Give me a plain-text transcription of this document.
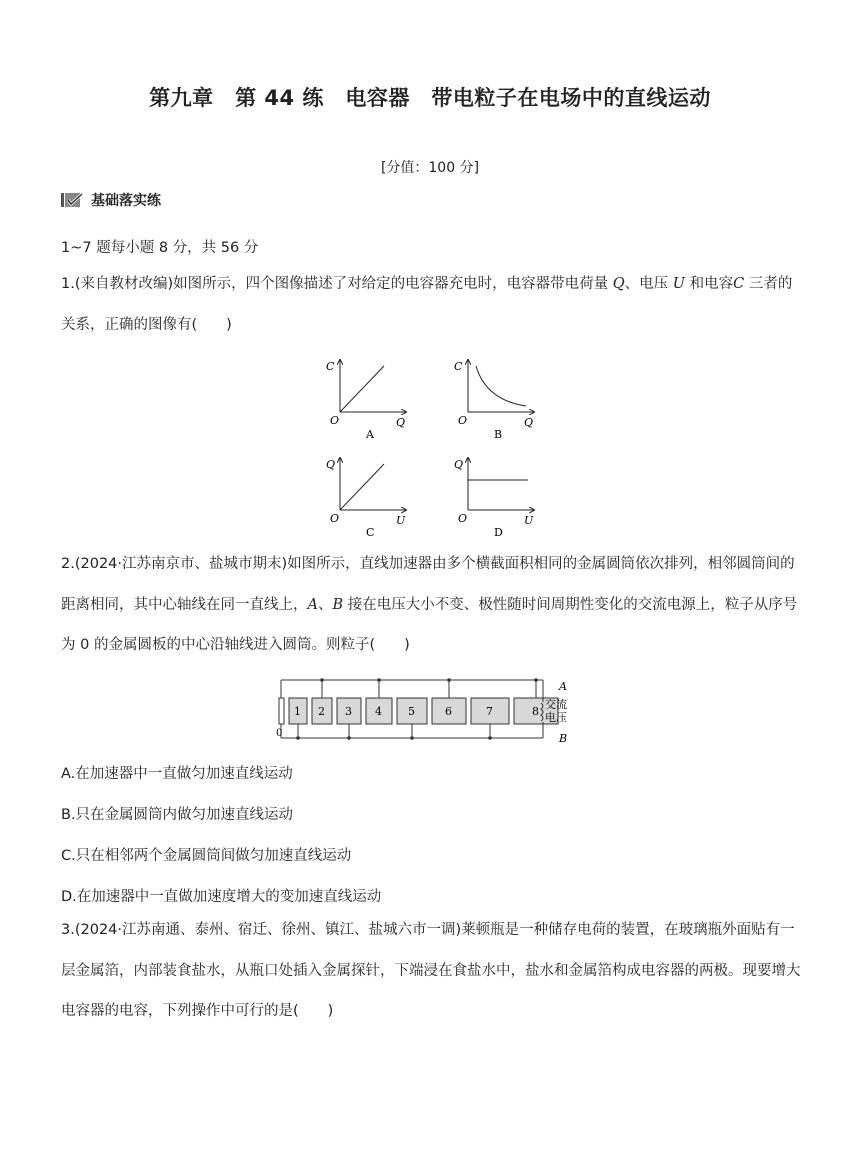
第九章　第 44 练　电容器　带电粒子在电场中的直线运动
[分值：100 分]
基础落实练
1~7 题每小题 8 分，共 56 分
1.(来自教材改编)如图所示，四个图像描述了对给定的电容器充电时，电容器带电荷量 Q、电压 U 和电容C 三者的关系，正确的图像有(　　)
C
Q
O
A
C
Q
O
B
Q
U
O
C
Q
U
O
D
2.(2024·江苏南京市、盐城市期末)如图所示，直线加速器由多个横截面积相同的金属圆筒依次排列，相邻圆筒间的距离相同，其中心轴线在同一直线上，A、B 接在电压大小不变、极性随时间周期性变化的交流电源上，粒子从序号为 0 的金属圆板的中心沿轴线进入圆筒。则粒子(　　)
1 2 3 4 5	6	7	8
A
B
交流
电压
0
A.在加速器中一直做匀加速直线运动
B.只在金属圆筒内做匀加速直线运动
C.只在相邻两个金属圆筒间做匀加速直线运动
D.在加速器中一直做加速度增大的变加速直线运动
3.(2024·江苏南通、泰州、宿迁、徐州、镇江、盐城六市一调)莱顿瓶是一种储存电荷的装置，在玻璃瓶外面贴有一层金属箔，内部装食盐水，从瓶口处插入金属探针，下端浸在食盐水中，盐水和金属箔构成电容器的两极。现要增大电容器的电容，下列操作中可行的是(　　)
